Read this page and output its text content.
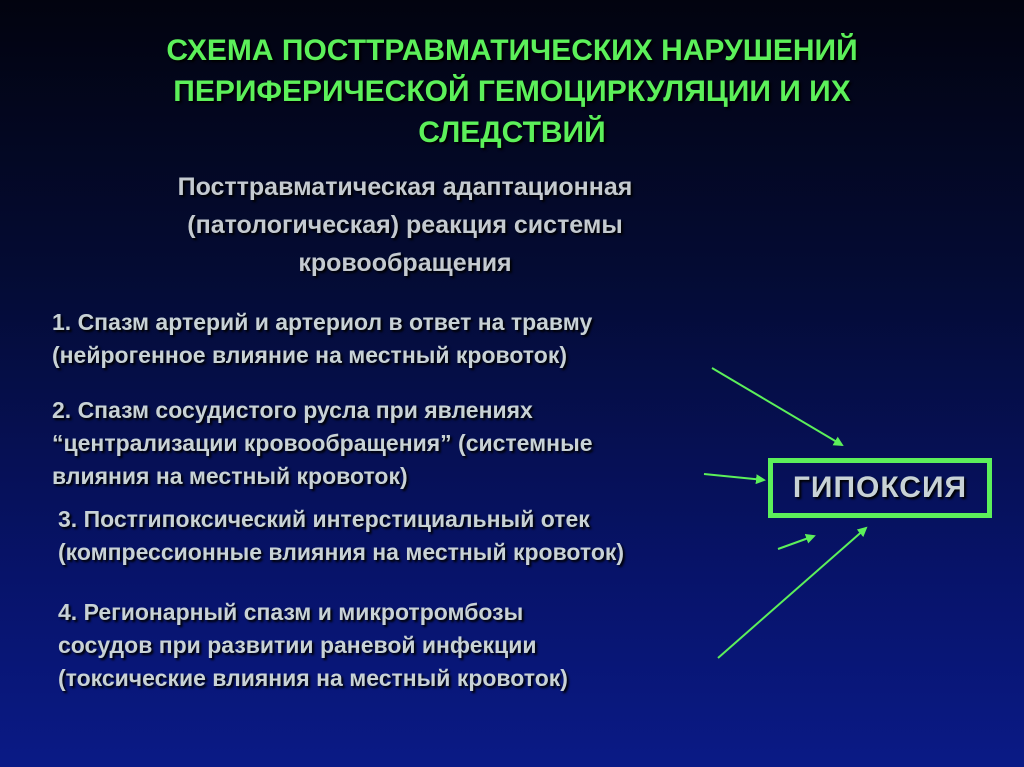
СХЕМА ПОСТТРАВМАТИЧЕСКИХ НАРУШЕНИЙ
ПЕРИФЕРИЧЕСКОЙ ГЕМОЦИРКУЛЯЦИИ И ИХ
СЛЕДСТВИЙ
Посттравматическая адаптационная
(патологическая) реакция системы
кровообращения
1. Спазм артерий и артериол в ответ на травму
(нейрогенное влияние на местный кровоток)
2. Спазм сосудистого русла при явлениях
“централизации кровообращения” (системные
влияния на местный кровоток)
3. Постгипоксический интерстициальный отек
(компрессионные влияния на местный кровоток)
4. Регионарный спазм и микротромбозы
сосудов при развитии раневой инфекции
(токсические влияния на местный кровоток)
ГИПОКСИЯ
